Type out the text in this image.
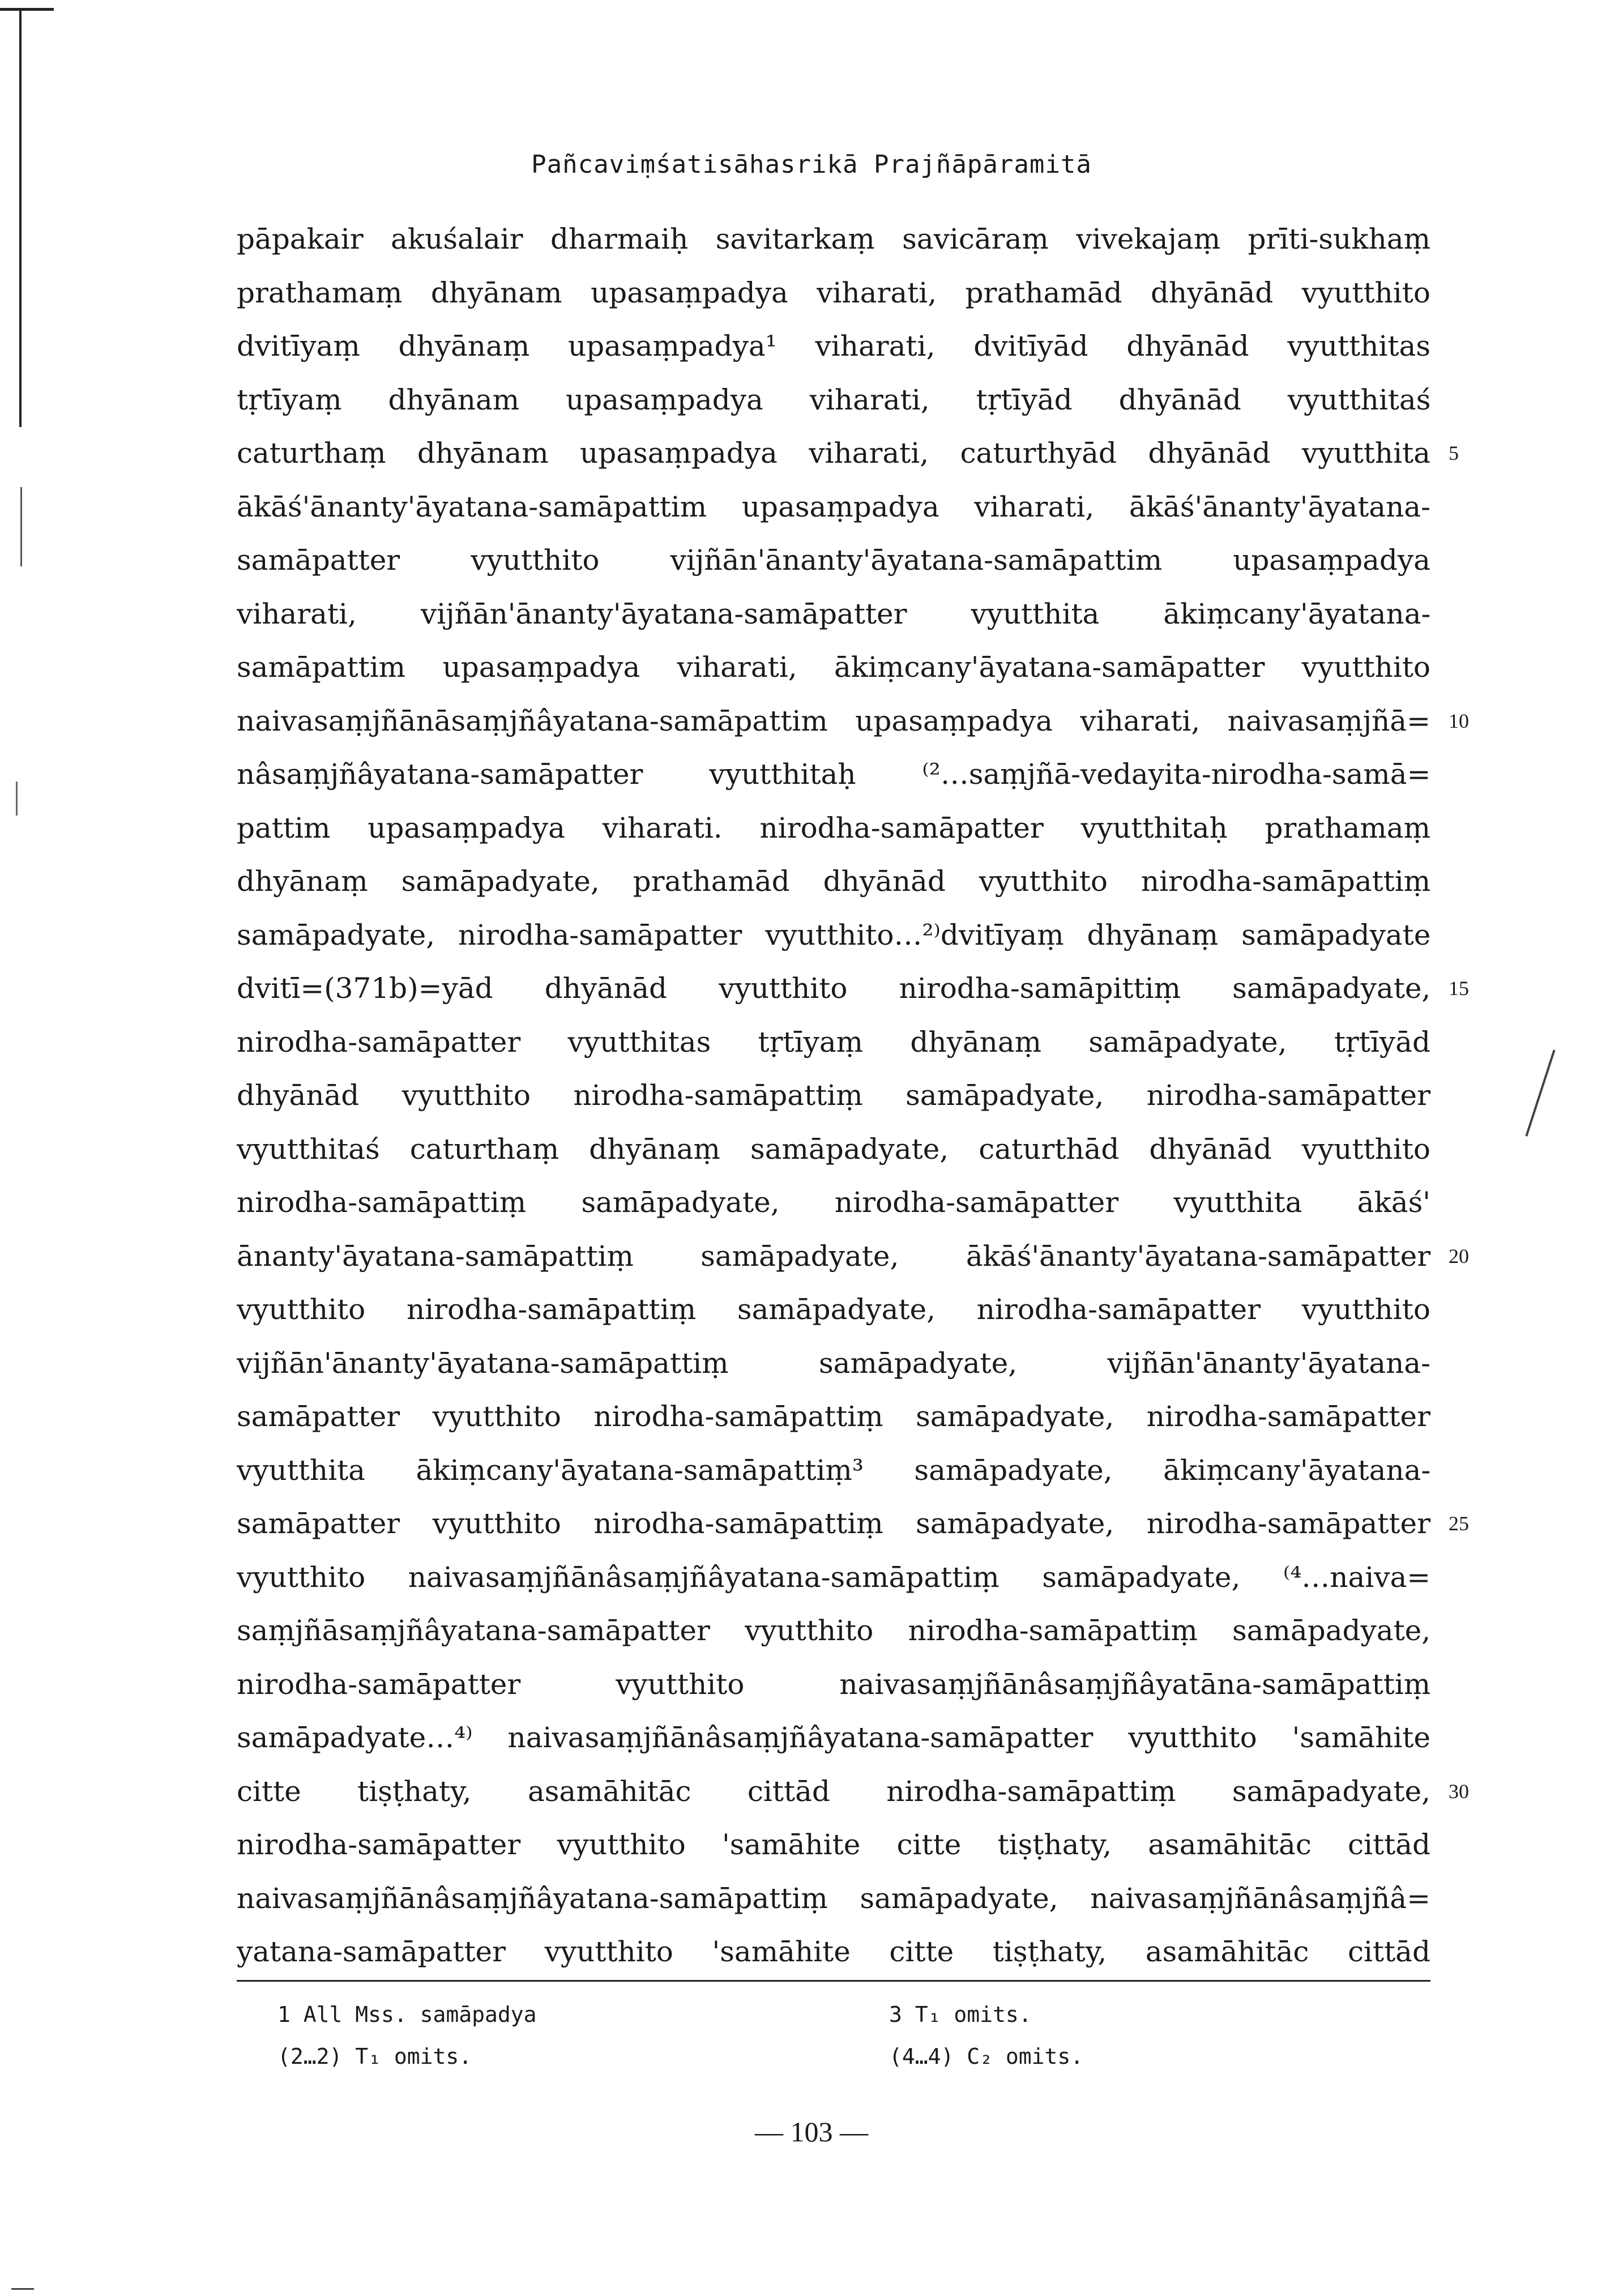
Pañcaviṃśatisāhasrikā Prajñāpāramitā
pāpakair akuśalair dharmaiḥ savitarkaṃ savicāraṃ vivekajaṃ prīti-sukhaṃ
prathamaṃ dhyānam upasaṃpadya viharati, prathamād dhyānād vyutthito
dvitīyaṃ dhyānaṃ upasaṃpadya¹ viharati, dvitīyād dhyānād vyutthitas
tṛtīyaṃ dhyānam upasaṃpadya viharati, tṛtīyād dhyānād vyutthitaś
caturthaṃ dhyānam upasaṃpadya viharati, caturthyād dhyānād vyutthita 5
ākāś'ānanty'āyatana-samāpattim upasaṃpadya viharati, ākāś'ānanty'āyatana-
samāpatter vyutthito vijñān'ānanty'āyatana-samāpattim upasaṃpadya
viharati, vijñān'ānanty'āyatana-samāpatter vyutthita ākiṃcany'āyatana-
samāpattim upasaṃpadya viharati, ākiṃcany'āyatana-samāpatter vyutthito
naivasaṃjñānāsaṃjñâyatana-samāpattim upasaṃpadya viharati, naivasaṃjñā= 10
nâsaṃjñâyatana-samāpatter vyutthitaḥ ⁽²…saṃjñā-vedayita-nirodha-samā=
pattim upasaṃpadya viharati. nirodha-samāpatter vyutthitaḥ prathamaṃ
dhyānaṃ samāpadyate, prathamād dhyānād vyutthito nirodha-samāpattiṃ
samāpadyate, nirodha-samāpatter vyutthito…²⁾dvitīyaṃ dhyānaṃ samāpadyate
dvitī=(371b)=yād dhyānād vyutthito nirodha-samāpittiṃ samāpadyate, 15
nirodha-samāpatter vyutthitas tṛtīyaṃ dhyānaṃ samāpadyate, tṛtīyād
dhyānād vyutthito nirodha-samāpattiṃ samāpadyate, nirodha-samāpatter
vyutthitaś caturthaṃ dhyānaṃ samāpadyate, caturthād dhyānād vyutthito
nirodha-samāpattiṃ samāpadyate, nirodha-samāpatter vyutthita ākāś'
ānanty'āyatana-samāpattiṃ samāpadyate, ākāś'ānanty'āyatana-samāpatter 20
vyutthito nirodha-samāpattiṃ samāpadyate, nirodha-samāpatter vyutthito
vijñān'ānanty'āyatana-samāpattiṃ samāpadyate, vijñān'ānanty'āyatana-
samāpatter vyutthito nirodha-samāpattiṃ samāpadyate, nirodha-samāpatter
vyutthita ākiṃcany'āyatana-samāpattiṃ³ samāpadyate, ākiṃcany'āyatana-
samāpatter vyutthito nirodha-samāpattiṃ samāpadyate, nirodha-samāpatter 25
vyutthito naivasaṃjñānâsaṃjñâyatana-samāpattiṃ samāpadyate, ⁽⁴…naiva=
saṃjñāsaṃjñâyatana-samāpatter vyutthito nirodha-samāpattiṃ samāpadyate,
nirodha-samāpatter vyutthito naivasaṃjñānâsaṃjñâyatāna-samāpattiṃ
samāpadyate…⁴⁾ naivasaṃjñānâsaṃjñâyatana-samāpatter vyutthito 'samāhite
citte tiṣṭhaty, asamāhitāc cittād nirodha-samāpattiṃ samāpadyate, 30
nirodha-samāpatter vyutthito 'samāhite citte tiṣṭhaty, asamāhitāc cittād
naivasaṃjñānâsaṃjñâyatana-samāpattiṃ samāpadyate, naivasaṃjñānâsaṃjñâ=
yatana-samāpatter vyutthito 'samāhite citte tiṣṭhaty, asamāhitāc cittād
1 All Mss. samāpadya	3 T₁ omits.
(2…2) T₁ omits.	(4…4) C₂ omits.
— 103 —
